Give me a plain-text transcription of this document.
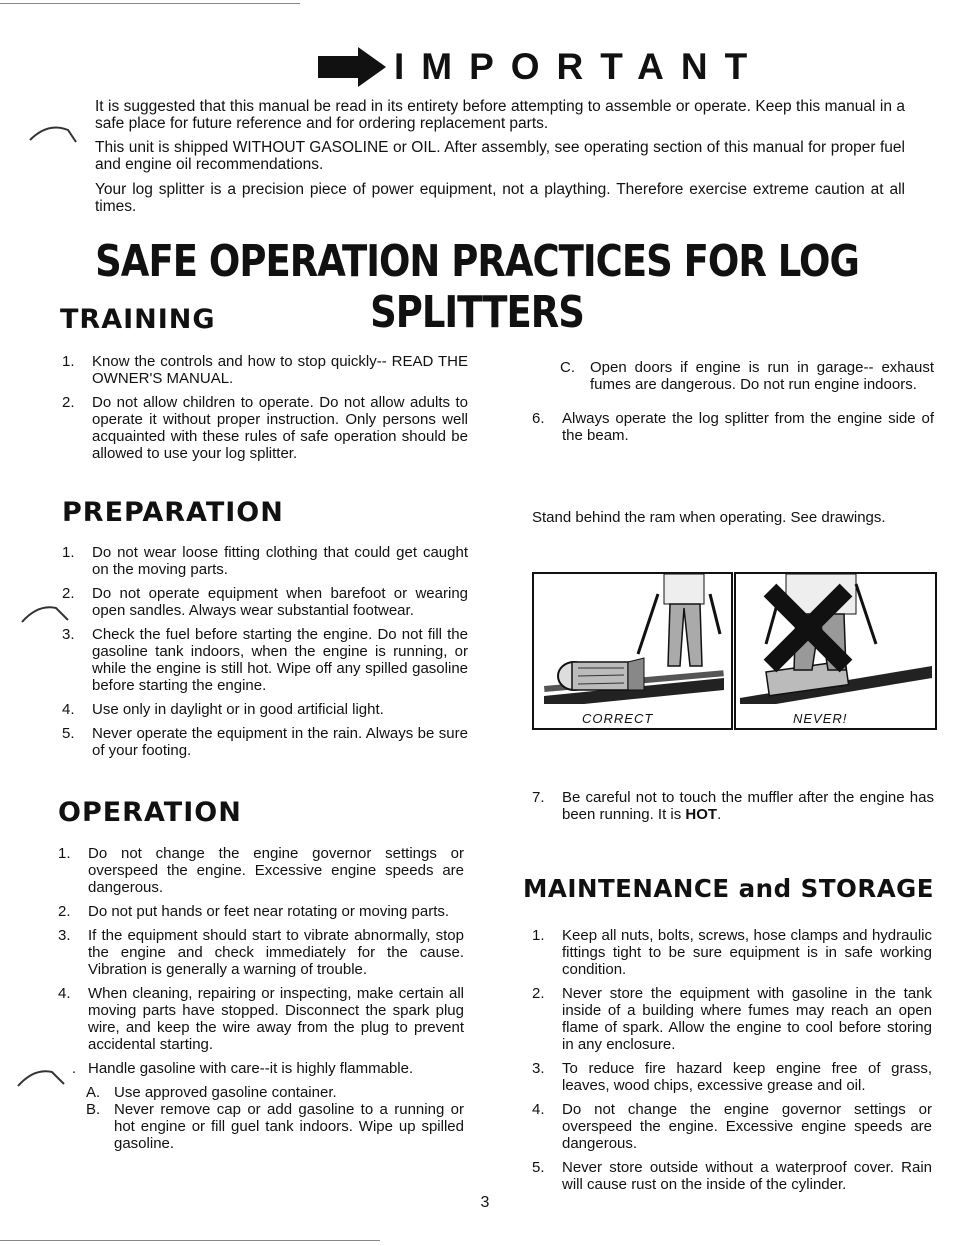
IMPORTANT

It is suggested that this manual be read in its entirety before attempting to assemble or operate. Keep this manual in a safe place for future reference and for ordering replacement parts.

This unit is shipped WITHOUT GASOLINE or OIL. After assembly, see operating section of this manual for proper fuel and engine oil recommendations.

Your log splitter is a precision piece of power equipment, not a plaything. Therefore exercise extreme caution at all times.

SAFE OPERATION PRACTICES FOR LOG SPLITTERS
TRAINING
1.	Know the controls and how to stop quickly-- READ THE OWNER'S MANUAL.
2.	Do not allow children to operate. Do not allow adults to operate it without proper instruction. Only persons well acquainted with these rules of safe operation should be allowed to use your log splitter.
PREPARATION
1.	Do not wear loose fitting clothing that could get caught on the moving parts.
2.	Do not operate equipment when barefoot or wearing open sandles. Always wear substantial footwear.
3.	Check the fuel before starting the engine. Do not fill the gasoline tank indoors, when the engine is running, or while the engine is still hot. Wipe off any spilled gasoline before starting the engine.
4.	Use only in daylight or in good artificial light.
5.	Never operate the equipment in the rain. Always be sure of your footing.
OPERATION
1.	Do not change the engine governor settings or overspeed the engine. Excessive engine speeds are dangerous.
2.	Do not put hands or feet near rotating or moving parts.
3.	If the equipment should start to vibrate abnormally, stop the engine and check immediately for the cause. Vibration is generally a warning of trouble.
4.	When cleaning, repairing or inspecting, make certain all moving parts have stopped. Disconnect the spark plug wire, and keep the wire away from the plug to prevent accidental starting.
. Handle gasoline with care--it is highly flammable.
A. Use approved gasoline container.
B. Never remove cap or add gasoline to a running or hot engine or fill guel tank indoors. Wipe up spilled gasoline.
C.	Open doors if engine is run in garage-- exhaust fumes are dangerous. Do not run engine indoors.
6.	Always operate the log splitter from the engine side of the beam.
Stand behind the ram when operating. See drawings.
CORRECT	NEVER!
7.	Be careful not to touch the muffler after the engine has been running. It is HOT.
MAINTENANCE and STORAGE
1.	Keep all nuts, bolts, screws, hose clamps and hydraulic fittings tight to be sure equipment is in safe working condition.
2.	Never store the equipment with gasoline in the tank inside of a building where fumes may reach an open flame of spark. Allow the engine to cool before storing in any enclosure.
3.	To reduce fire hazard keep engine free of grass, leaves, wood chips, excessive grease and oil.
4.	Do not change the engine governor settings or overspeed the engine. Excessive engine speeds are dangerous.
5.	Never store outside without a waterproof cover. Rain will cause rust on the inside of the cylinder.
3
